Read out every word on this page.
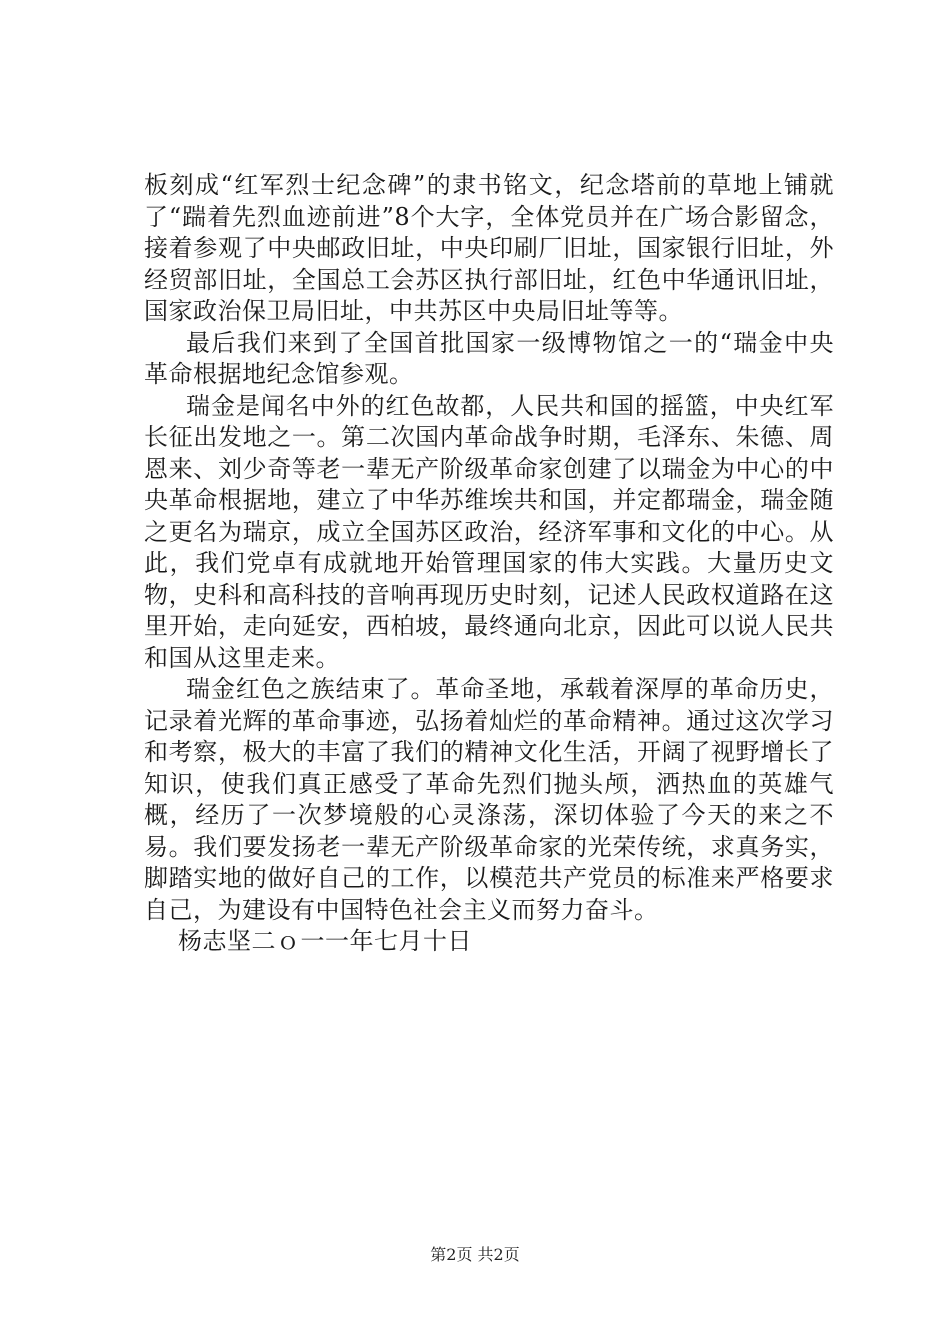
板刻成“红军烈士纪念碑”的隶书铭文，纪念塔前的草地上铺就了“踹着先烈血迹前进”8个大字，全体党员并在广场合影留念，接着参观了中央邮政旧址，中央印刷厂旧址，国家银行旧址，外经贸部旧址，全国总工会苏区执行部旧址，红色中华通讯旧址，国家政治保卫局旧址，中共苏区中央局旧址等等。

最后我们来到了全国首批国家一级博物馆之一的“瑞金中央革命根据地纪念馆参观。

瑞金是闻名中外的红色故都，人民共和国的摇篮，中央红军长征出发地之一。第二次国内革命战争时期，毛泽东、朱德、周恩来、刘少奇等老一辈无产阶级革命家创建了以瑞金为中心的中央革命根据地，建立了中华苏维埃共和国，并定都瑞金，瑞金随之更名为瑞京，成立全国苏区政治，经济军事和文化的中心。从此，我们党卓有成就地开始管理国家的伟大实践。大量历史文物，史科和高科技的音响再现历史时刻，记述人民政权道路在这里开始，走向延安，西柏坡，最终通向北京，因此可以说人民共和国从这里走来。

瑞金红色之族结束了。革命圣地，承载着深厚的革命历史，记录着光辉的革命事迹，弘扬着灿烂的革命精神。通过这次学习和考察，极大的丰富了我们的精神文化生活，开阔了视野增长了知识，使我们真正感受了革命先烈们抛头颅，洒热血的英雄气概，经历了一次梦境般的心灵涤荡，深切体验了今天的来之不易。我们要发扬老一辈无产阶级革命家的光荣传统，求真务实，脚踏实地的做好自己的工作，以模范共产党员的标准来严格要求自己，为建设有中国特色社会主义而努力奋斗。

杨志坚二ｏ一一年七月十日

第2页 共2页
